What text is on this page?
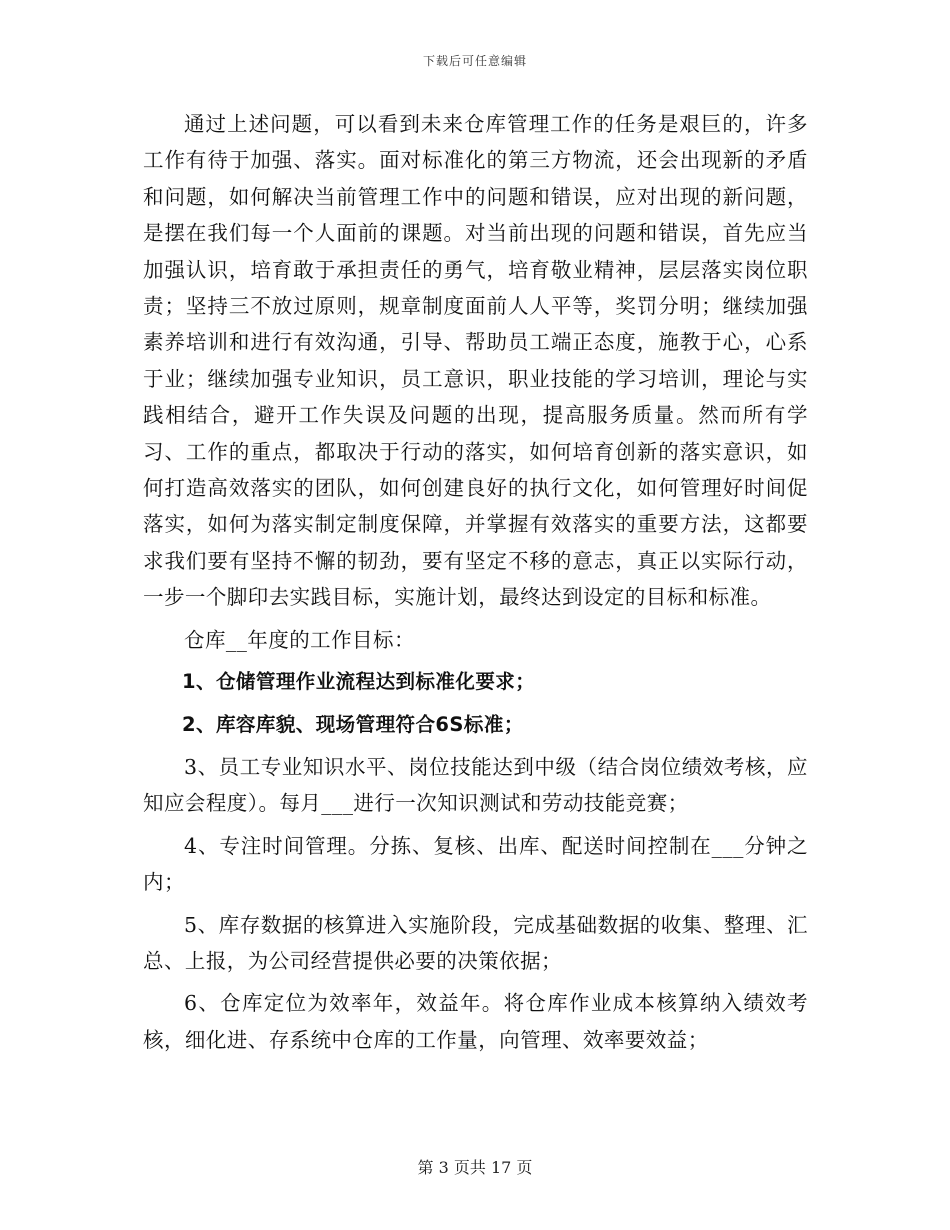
下载后可任意编辑

通过上述问题，可以看到未来仓库管理工作的任务是艰巨的，许多工作有待于加强、落实。面对标准化的第三方物流，还会出现新的矛盾和问题，如何解决当前管理工作中的问题和错误，应对出现的新问题，是摆在我们每一个人面前的课题。对当前出现的问题和错误，首先应当加强认识，培育敢于承担责任的勇气，培育敬业精神，层层落实岗位职责；坚持三不放过原则，规章制度面前人人平等，奖罚分明；继续加强素养培训和进行有效沟通，引导、帮助员工端正态度，施教于心，心系于业；继续加强专业知识，员工意识，职业技能的学习培训，理论与实践相结合，避开工作失误及问题的出现，提高服务质量。然而所有学习、工作的重点，都取决于行动的落实，如何培育创新的落实意识，如何打造高效落实的团队，如何创建良好的执行文化，如何管理好时间促落实，如何为落实制定制度保障，并掌握有效落实的重要方法，这都要求我们要有坚持不懈的韧劲，要有坚定不移的意志，真正以实际行动，一步一个脚印去实践目标，实施计划，最终达到设定的目标和标准。

仓库__年度的工作目标：

1、仓储管理作业流程达到标准化要求；

2、库容库貌、现场管理符合6S标准；

3、员工专业知识水平、岗位技能达到中级（结合岗位绩效考核，应知应会程度）。每月___进行一次知识测试和劳动技能竞赛；

4、专注时间管理。分拣、复核、出库、配送时间控制在___分钟之内；

5、库存数据的核算进入实施阶段，完成基础数据的收集、整理、汇总、上报，为公司经营提供必要的决策依据；

6、仓库定位为效率年，效益年。将仓库作业成本核算纳入绩效考核，细化进、存系统中仓库的工作量，向管理、效率要效益；

第 3 页共 17 页
